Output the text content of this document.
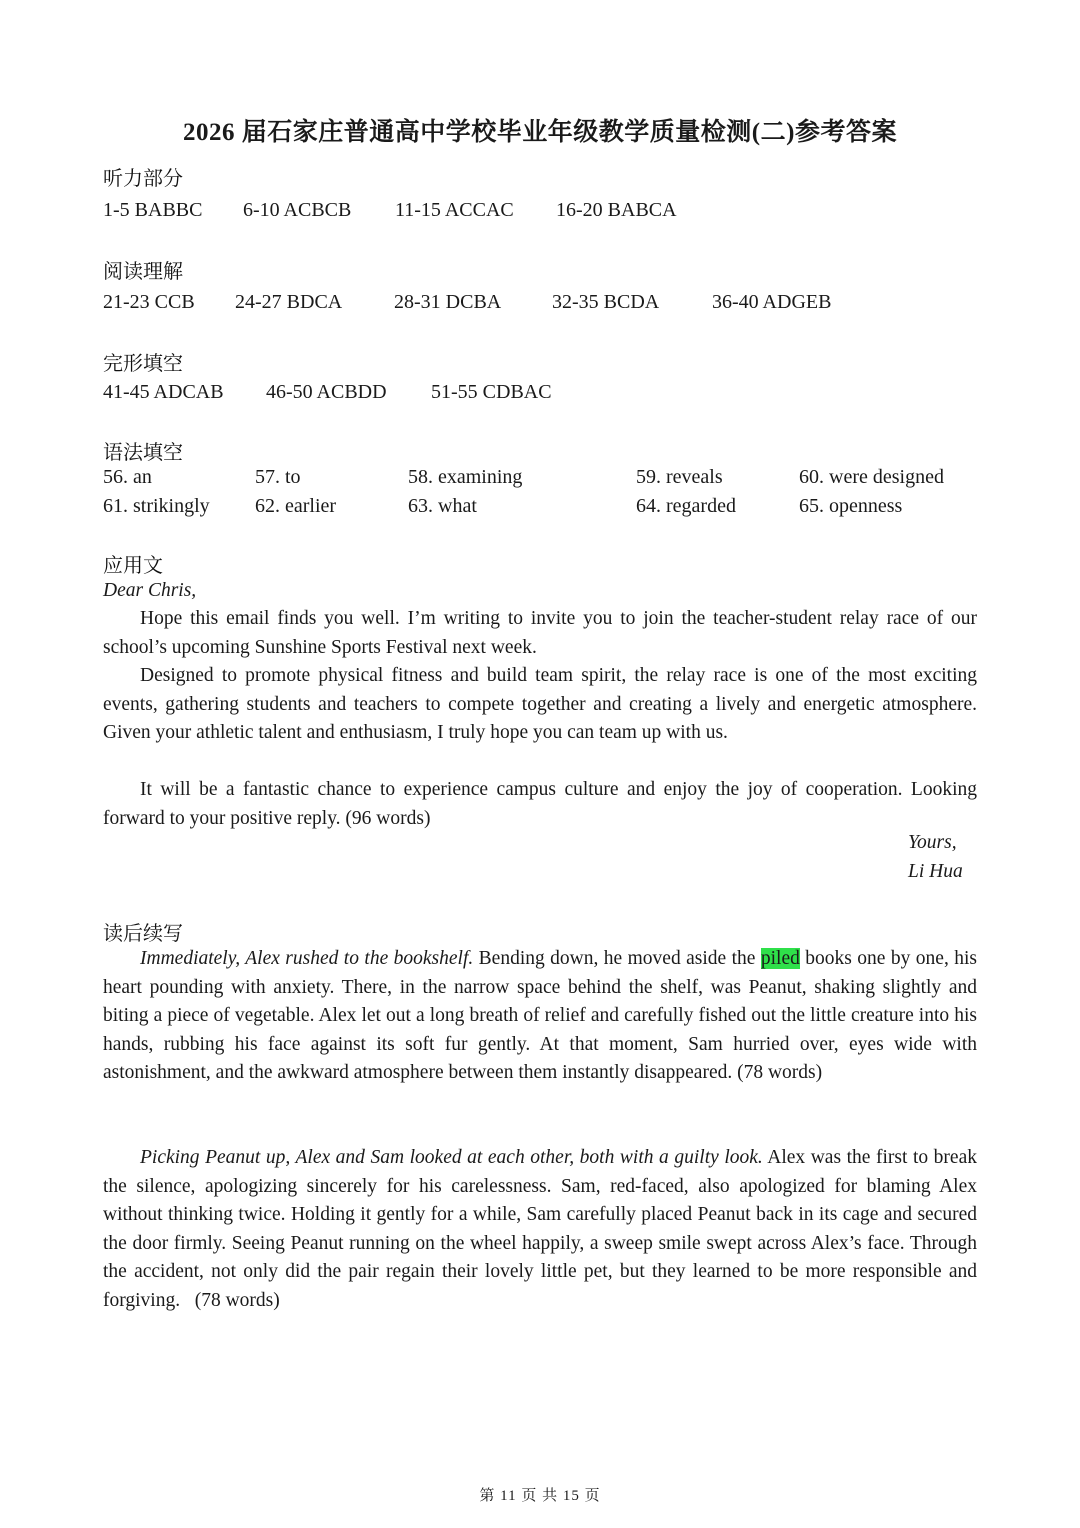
2026 届石家庄普通高中学校毕业年级教学质量检测(二)参考答案
听力部分
1-5 BABBC 6-10 ACBCB 11-15 ACCAC 16-20 BABCA
阅读理解
21-23 CCB 24-27 BDCA	28-31 DCBA	32-35 BCDA	36-40 ADGEB
完形填空
41-45 ADCAB 46-50 ACBDD 51-55 CDBAC
语法填空
56. an	57. to	58. examining	59. reveals	60. were designed
61. strikingly 62. earlier	63. what	64. regarded	65. openness
应用文

Dear Chris,

Hope this email finds you well. I’m writing to invite you to join the teacher-student relay race of our school’s upcoming Sunshine Sports Festival next week.

Designed to promote physical fitness and build team spirit, the relay race is one of the most exciting events, gathering students and teachers to compete together and creating a lively and energetic atmosphere. Given your athletic talent and enthusiasm, I truly hope you can team up with us.

It will be a fantastic chance to experience campus culture and enjoy the joy of cooperation. Looking forward to your positive reply. (96 words)

Yours,
Li Hua
读后续写

Immediately, Alex rushed to the bookshelf. Bending down, he moved aside the piled books one by one, his heart pounding with anxiety. There, in the narrow space behind the shelf, was Peanut, shaking slightly and biting a piece of vegetable. Alex let out a long breath of relief and carefully fished out the little creature into his hands, rubbing his face against its soft fur gently. At that moment, Sam hurried over, eyes wide with astonishment, and the awkward atmosphere between them instantly disappeared. (78 words)

Picking Peanut up, Alex and Sam looked at each other, both with a guilty look. Alex was the first to break the silence, apologizing sincerely for his carelessness. Sam, red-faced, also apologized for blaming Alex without thinking twice. Holding it gently for a while, Sam carefully placed Peanut back in its cage and secured the door firmly. Seeing Peanut running on the wheel happily, a sweep smile swept across Alex’s face. Through the accident, not only did the pair regain their lovely little pet, but they learned to be more responsible and forgiving.   (78 words)

第 11 页 共 15 页
